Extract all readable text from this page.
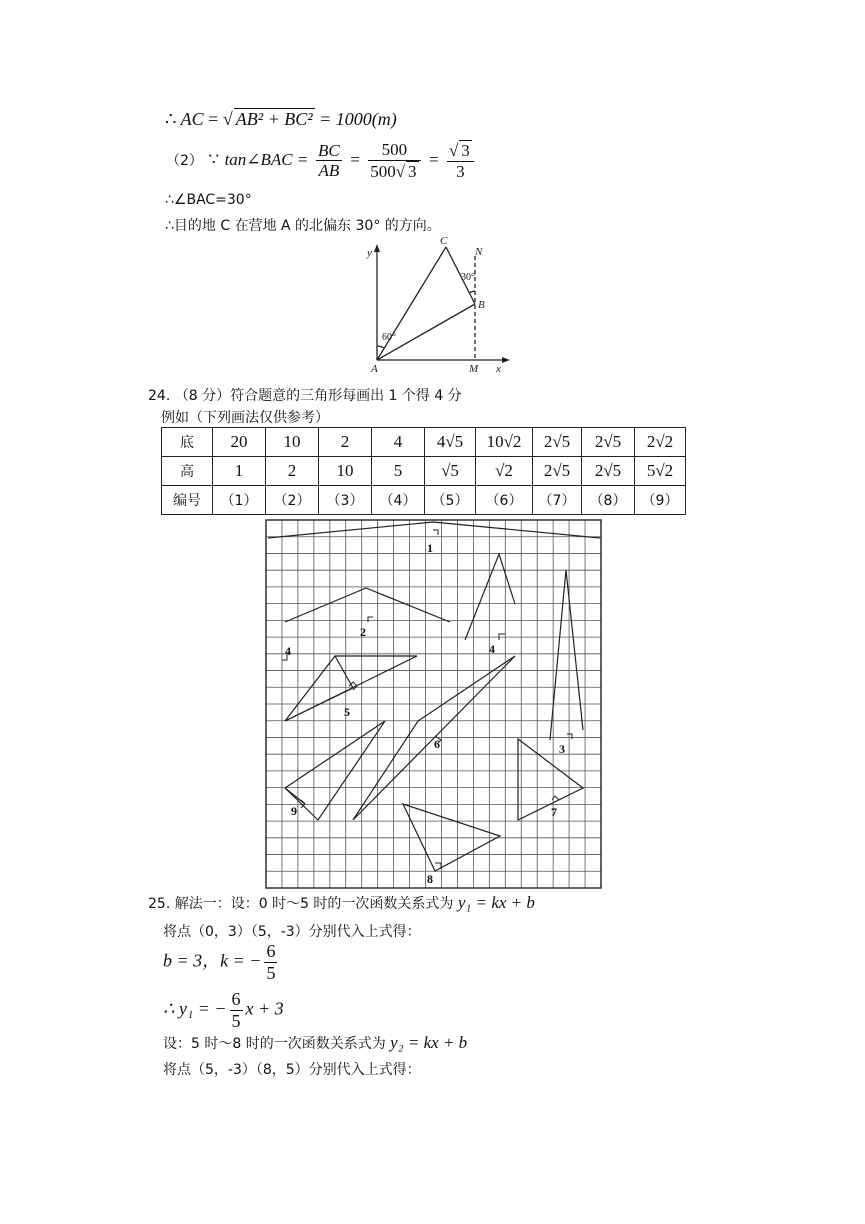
∴ AC = √ AB² + BC² = 1000(m)
（2） ∵ tan∠BAC = $\frac{BC}{AB} = \frac{500}{500√ 3} = \frac{√ 3}{3}$
∴∠BAC=30°
∴目的地 C 在营地 A 的北偏东 30° 的方向。
y
x
A	M
B
C
N
60°
30°
24. （8 分）符合题意的三角形每画出 1 个得 4 分
例如（下列画法仅供参考）
底	20	10	2	4	4√5	10√2	2√5	2√5	2√2
高	1	2	10	5	√5	√2	2√5	2√5	5√2
编号	（1）	（2）	（3）	（4）	（5）	（6）	（7）	（8）	（9）
1
2
4	4
5
6	3
9	7
8
25. 解法一：设：0 时～5 时的一次函数关系式为 y₁ = kx + b
将点（0，3）（5，-3）分别代入上式得：
b = 3，k = − $\frac{6}{5}$
∴ y₁ = − $\frac{6}{5}$ x + 3
设：5 时～8 时的一次函数关系式为 y₂ = kx + b
将点（5，-3）（8，5）分别代入上式得：
